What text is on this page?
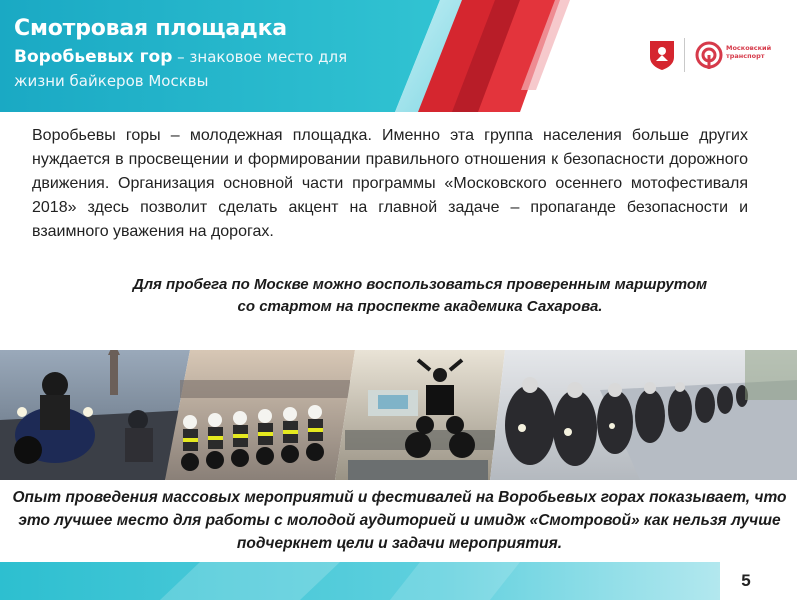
Смотровая площадка
Воробьевых гор – знаковое место для
жизни байкеров Москвы
Московский
транспорт

Воробьевы горы – молодежная площадка. Именно эта группа населения больше других нуждается в просвещении и формировании правильного отношения к безопасности дорожного движения. Организация основной части программы «Московского осеннего мотофестиваля 2018» здесь позволит сделать акцент на главной задаче – пропаганде безопасности и взаимного уважения на дорогах.

Для пробега по Москве можно воспользоваться проверенным маршрутом
со стартом на проспекте академика Сахарова.
Опыт проведения массовых мероприятий и фестивалей на Воробьевых горах показывает, что
это лучшее место для работы с молодой аудиторией и имидж «Смотровой» как нельзя лучше
подчеркнет цели и задачи мероприятия.
5
